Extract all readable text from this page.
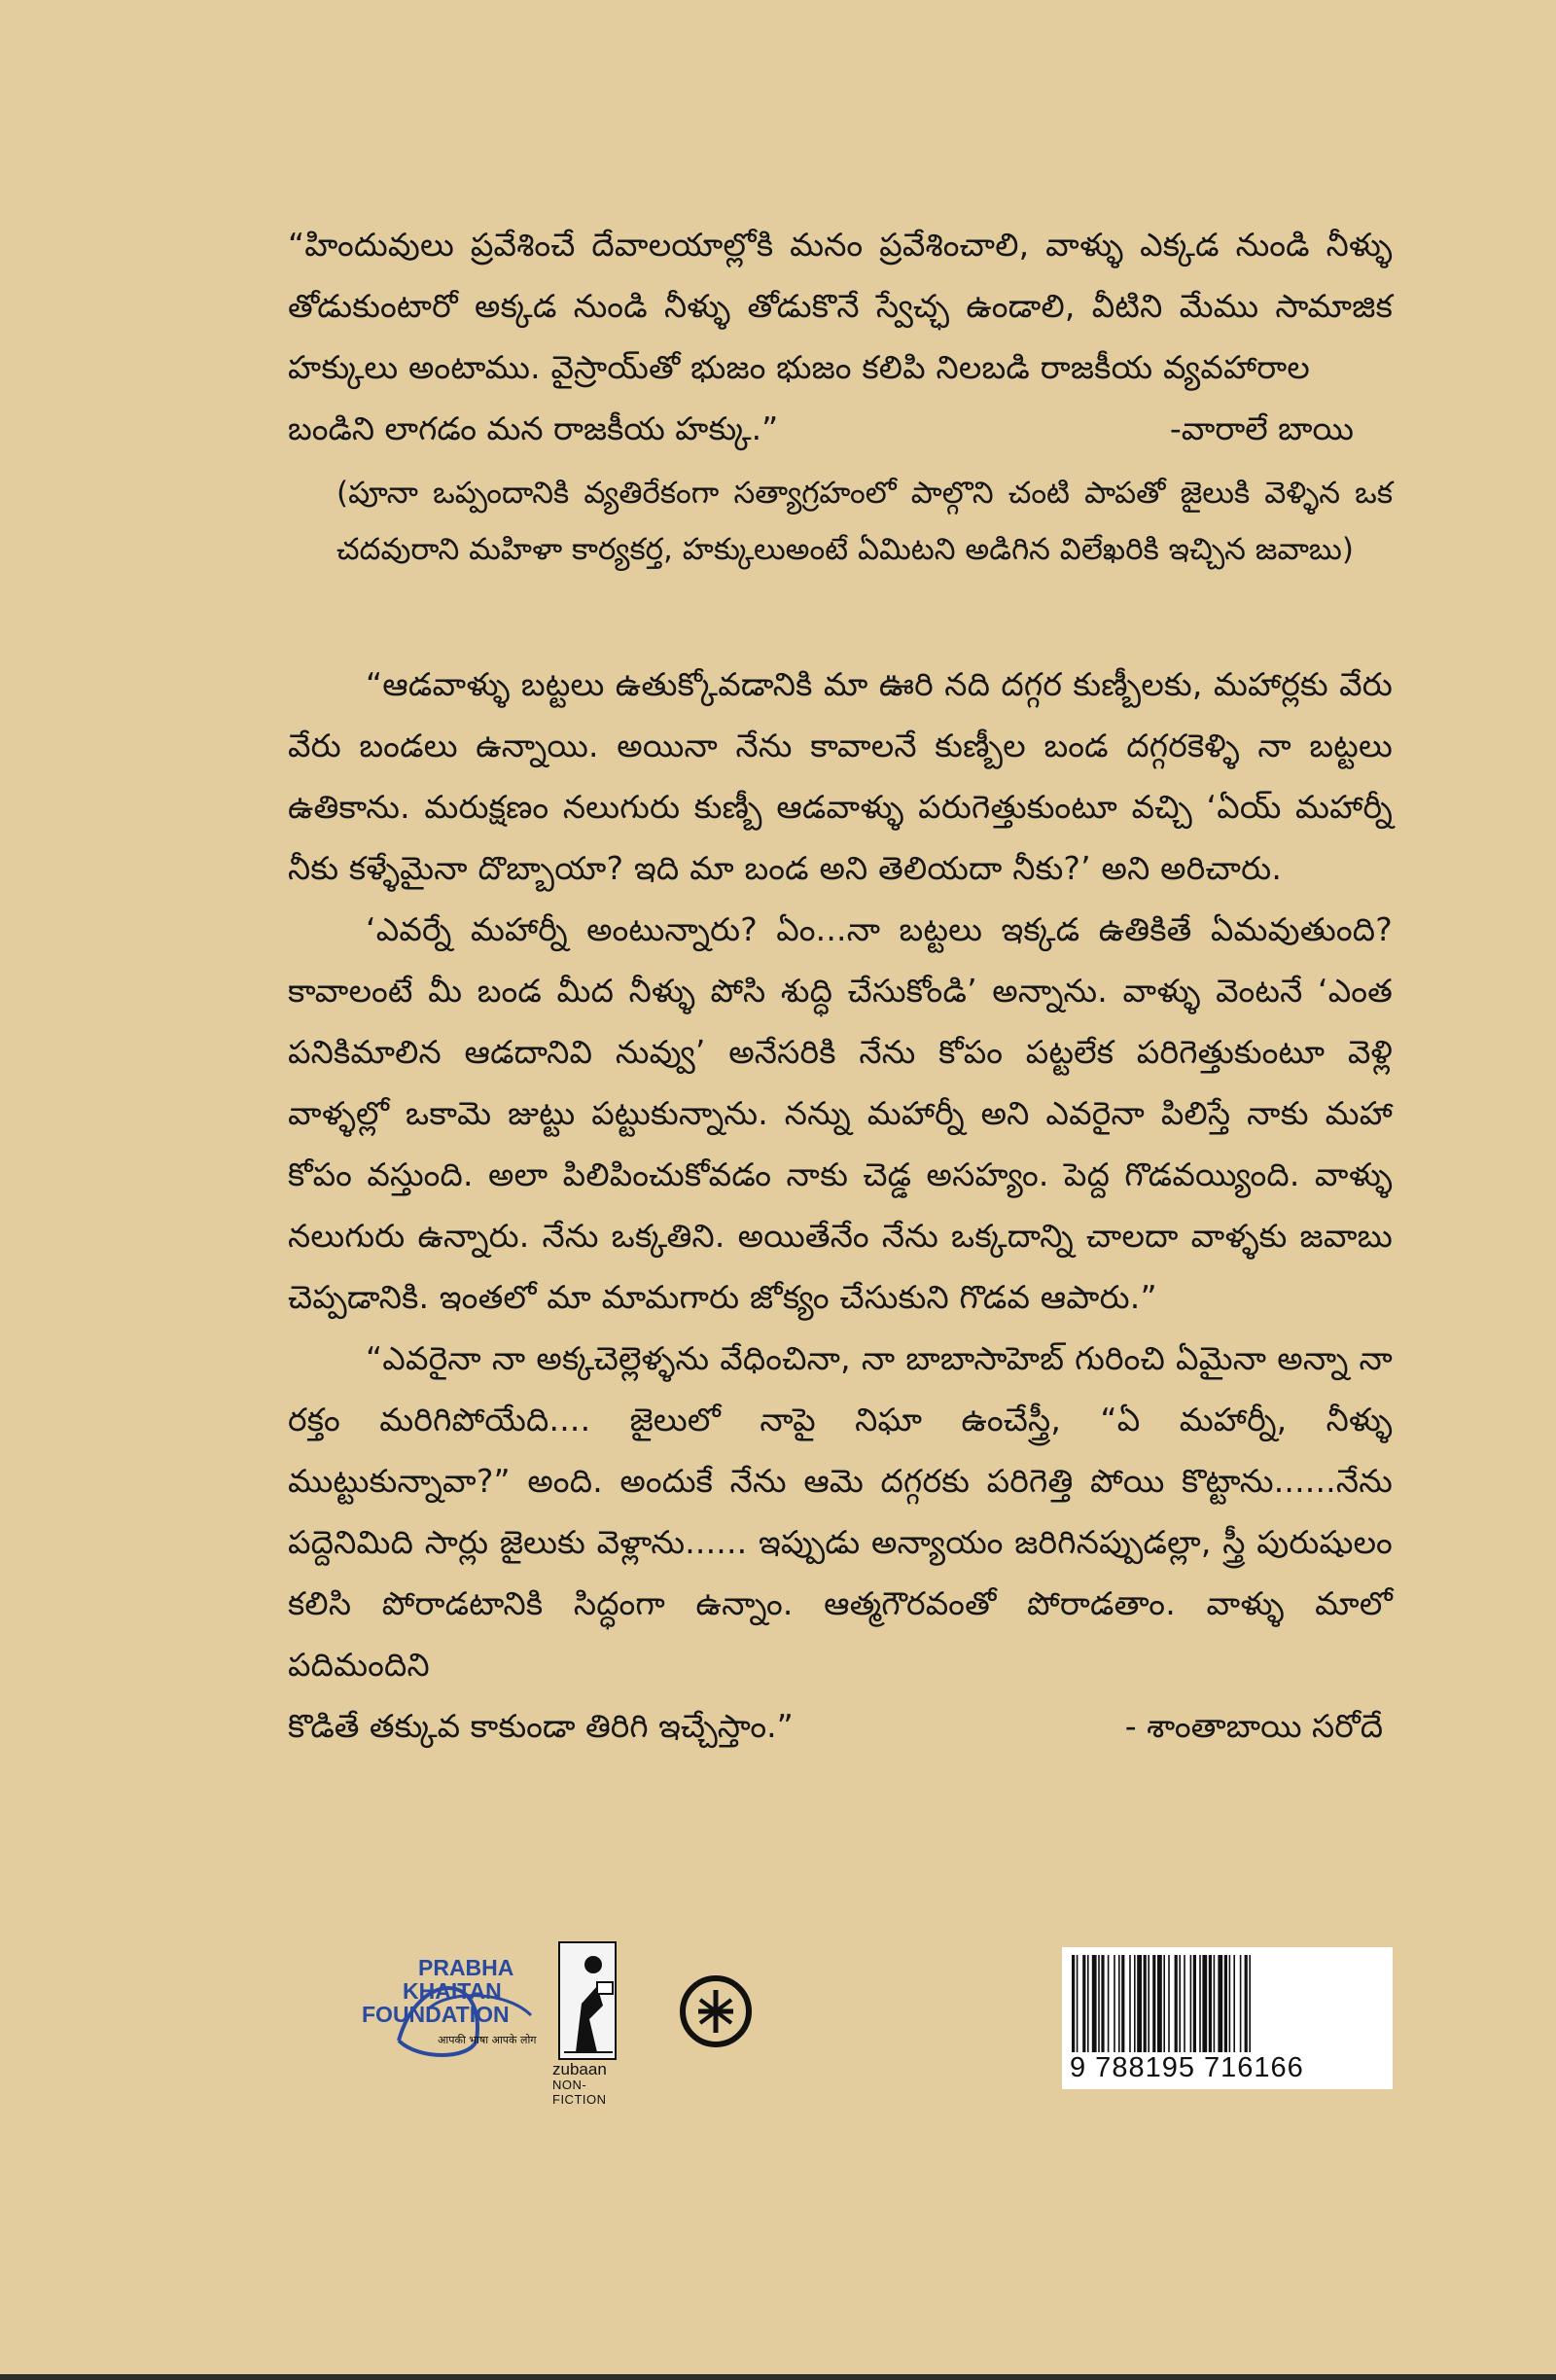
“హిందువులు ప్రవేశించే దేవాలయాల్లోకి మనం ప్రవేశించాలి, వాళ్ళు ఎక్కడ నుండి నీళ్ళు తోడుకుంటారో అక్కడ నుండి నీళ్ళు తోడుకొనే స్వేచ్ఛ ఉండాలి, వీటిని మేము సామాజిక హక్కులు అంటాము. వైస్రాయ్‌తో భుజం భుజం కలిపి నిలబడి రాజకీయ వ్యవహారాల

బండిని లాగడం మన రాజకీయ హక్కు.”	-వారాలే బాయి

(పూనా ఒప్పందానికి వ్యతిరేకంగా సత్యాగ్రహంలో పాల్గొని చంటి పాపతో జైలుకి వెళ్ళిన ఒక చదవురాని మహిళా కార్యకర్త, హక్కులుఅంటే ఏమిటని అడిగిన విలేఖరికి ఇచ్చిన జవాబు)

“ఆడవాళ్ళు బట్టలు ఉతుక్కోవడానికి మా ఊరి నది దగ్గర కుణ్బీలకు, మహార్లకు వేరు వేరు బండలు ఉన్నాయి. అయినా నేను కావాలనే కుణ్బీల బండ దగ్గరకెళ్ళి నా బట్టలు ఉతికాను. మరుక్షణం నలుగురు కుణ్బీ ఆడవాళ్ళు పరుగెత్తుకుంటూ వచ్చి ‘ఏయ్ మహార్నీ నీకు కళ్ళేమైనా దొబ్బాయా? ఇది మా బండ అని తెలియదా నీకు?’ అని అరిచారు.

‘ఎవర్నే మహార్నీ అంటున్నారు? ఏం...నా బట్టలు ఇక్కడ ఉతికితే ఏమవుతుంది? కావాలంటే మీ బండ మీద నీళ్ళు పోసి శుద్ధి చేసుకోండి’ అన్నాను. వాళ్ళు వెంటనే ‘ఎంత పనికిమాలిన ఆడదానివి నువ్వు’ అనేసరికి నేను కోపం పట్టలేక పరిగెత్తుకుంటూ వెళ్లి వాళ్ళల్లో ఒకామె జుట్టు పట్టుకున్నాను. నన్ను మహార్నీ అని ఎవరైనా పిలిస్తే నాకు మహా కోపం వస్తుంది. అలా పిలిపించుకోవడం నాకు చెడ్డ అసహ్యం. పెద్ద గొడవయ్యింది. వాళ్ళు నలుగురు ఉన్నారు. నేను ఒక్కతిని. అయితేనేం నేను ఒక్కదాన్ని చాలదా వాళ్ళకు జవాబు చెప్పడానికి. ఇంతలో మా మామగారు జోక్యం చేసుకుని గొడవ ఆపారు.”

“ఎవరైనా నా అక్కచెల్లెళ్ళను వేధించినా, నా బాబాసాహెబ్ గురించి ఏమైనా అన్నా నా రక్తం మరిగిపోయేది.... జైలులో నాపై నిఘా ఉంచేస్త్రీ, “ఏ మహార్నీ, నీళ్ళు ముట్టుకున్నావా?” అంది. అందుకే నేను ఆమె దగ్గరకు పరిగెత్తి పోయి కొట్టాను......నేను పద్దెనిమిది సార్లు జైలుకు వెళ్లాను...... ఇప్పుడు అన్యాయం జరిగినప్పుడల్లా, స్త్రీ పురుషులం కలిసి పోరాడటానికి సిద్ధంగా ఉన్నాం. ఆత్మగౌరవంతో పోరాడతాం. వాళ్ళు మాలో పదిమందిని

కొడితే తక్కువ కాకుండా తిరిగి ఇచ్చేస్తాం.”	- శాంతాబాయి సరోదే
PRABHA
KHAITAN
FOUNDATION
आपकी भाषा आपके लोग
zubaan
NON-FICTION
9 788195 716166
